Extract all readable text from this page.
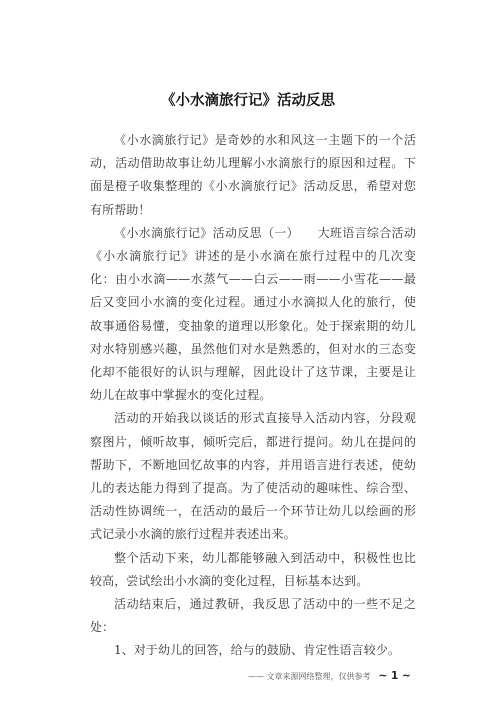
《小水滴旅行记》活动反思

《小水滴旅行记》是奇妙的水和风这一主题下的一个活动，活动借助故事让幼儿理解小水滴旅行的原因和过程。下面是橙子收集整理的《小水滴旅行记》活动反思，希望对您有所帮助！

《小水滴旅行记》活动反思（一）　　大班语言综合活动《小水滴旅行记》讲述的是小水滴在旅行过程中的几次变化：由小水滴——水蒸气——白云——雨——小雪花——最后又变回小水滴的变化过程。通过小水滴拟人化的旅行，使故事通俗易懂，变抽象的道理以形象化。处于探索期的幼儿对水特别感兴趣，虽然他们对水是熟悉的，但对水的三态变化却不能很好的认识与理解，因此设计了这节课，主要是让幼儿在故事中掌握水的变化过程。

活动的开始我以谈话的形式直接导入活动内容，分段观察图片，倾听故事，倾听完后，都进行提问。幼儿在提问的帮助下，不断地回忆故事的内容，并用语言进行表述，使幼儿的表达能力得到了提高。为了使活动的趣味性、综合型、活动性协调统一，在活动的最后一个环节让幼儿以绘画的形式记录小水滴的旅行过程并表述出来。

整个活动下来，幼儿都能够融入到活动中，积极性也比较高，尝试绘出小水滴的变化过程，目标基本达到。

活动结束后，通过教研，我反思了活动中的一些不足之处：

1、对于幼儿的回答，给与的鼓励、肯定性语言较少。

—— 文章来源网络整理，仅供参考 ~ 1 ~
